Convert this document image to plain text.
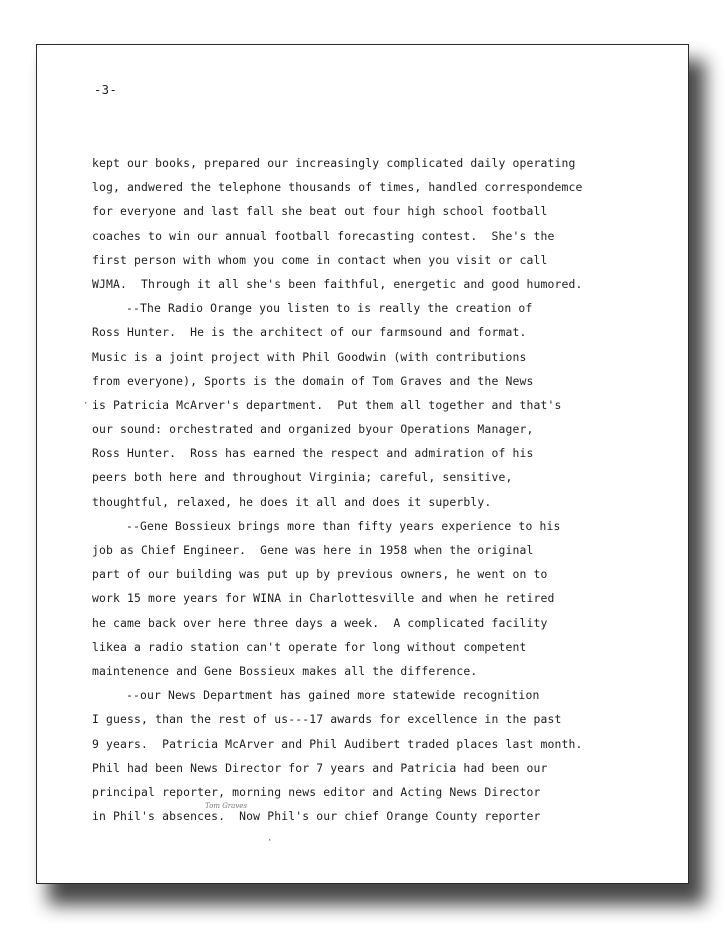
-3-
kept our books, prepared our increasingly complicated daily operating
log, andwered the telephone thousands of times, handled correspondemce
for everyone and last fall she beat out four high school football
coaches to win our annual football forecasting contest.  She's the
first person with whom you come in contact when you visit or call
WJMA.  Through it all she's been faithful, energetic and good humored.
--The Radio Orange you listen to is really the creation of
Ross Hunter.  He is the architect of our farmsound and format.
Music is a joint project with Phil Goodwin (with contributions
from everyone), Sports is the domain of Tom Graves and the News
is Patricia McArver's department.  Put them all together and that's
our sound: orchestrated and organized byour Operations Manager,
Ross Hunter.  Ross has earned the respect and admiration of his
peers both here and throughout Virginia; careful, sensitive,
thoughtful, relaxed, he does it all and does it superbly.
--Gene Bossieux brings more than fifty years experience to his
job as Chief Engineer.  Gene was here in 1958 when the original
part of our building was put up by previous owners, he went on to
work 15 more years for WINA in Charlottesville and when he retired
he came back over here three days a week.  A complicated facility
likea a radio station can't operate for long without competent
maintenence and Gene Bossieux makes all the difference.
--our News Department has gained more statewide recognition
I guess, than the rest of us---17 awards for excellence in the past
9 years.  Patricia McArver and Phil Audibert traded places last month.
Phil had been News Director for 7 years and Patricia had been our
principal reporter, morning news editor and Acting News Director
in Phil's absences.  Now Phil's our chief Orange County reporter
Tom Graves
·
·
